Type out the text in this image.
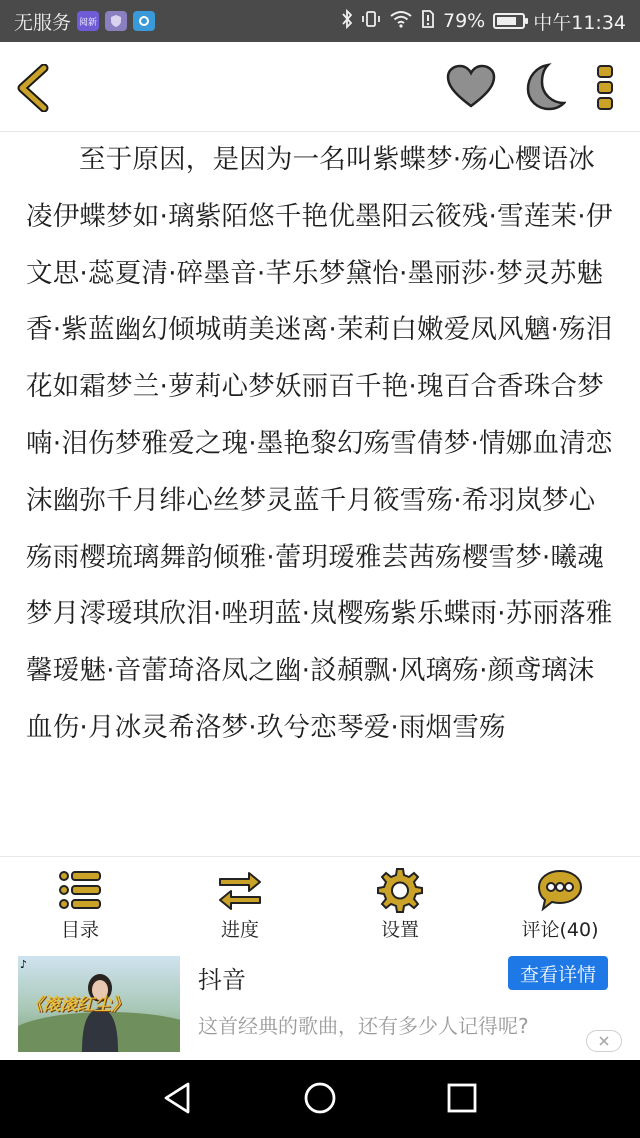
无服务 阅新	79%	中午11:34

至于原因，是因为一名叫紫蝶梦·殇心樱语冰凌伊蝶梦如·璃紫陌悠千艳优墨阳云筱残·雪莲茉·伊文思·蕊夏清·碎墨音·芊乐梦黛怡·墨丽莎·梦灵苏魅香·紫蓝幽幻倾城萌美迷离·茉莉白嫩爱凤风魑·殇泪花如霜梦兰·萝莉心梦妖丽百千艳·瑰百合香珠合梦喃·泪伤梦雅爱之瑰·墨艳黎幻殇雪倩梦·情娜血清恋沫幽弥千月绯心丝梦灵蓝千月筱雪殇·希羽岚梦心殇雨樱琉璃舞韵倾雅·蕾玥瑷雅芸茜殇樱雪梦·曦魂梦月澪瑷琪欣泪·唑玥蓝·岚樱殇紫乐蝶雨·苏丽落雅馨瑷魅·音蕾琦洛凤之幽·訤頳飘·风璃殇·颜鸢璃沫血伤·月冰灵希洛梦·玖兮恋琴爱·雨烟雪殇

目录	进度	设置	评论(40)
♪
《滚滚红尘》
抖音	查看详情
这首经典的歌曲，还有多少人记得呢?
